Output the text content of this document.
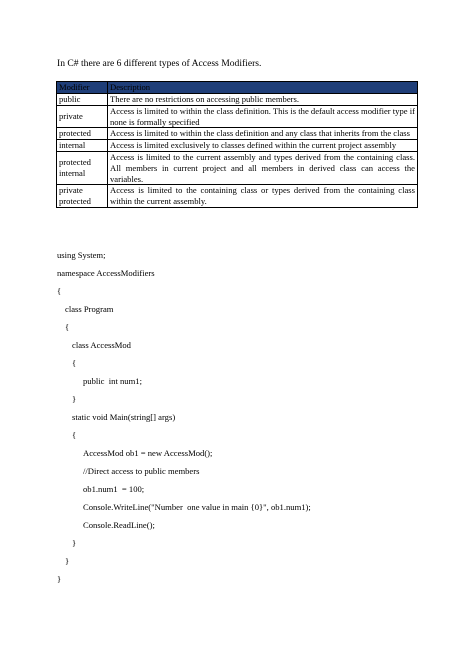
In C# there are 6 different types of Access Modifiers.
Modifier	Description
public	There are no restrictions on accessing public members.
private	Access is limited to within the class definition. This is the default access modifier type if none is formally specified
protected	Access is limited to within the class definition and any class that inherits from the class
internal	Access is limited exclusively to classes defined within the current project assembly
protected internal	Access is limited to the current assembly and types derived from the containing class. All members in current project and all members in derived class can access the variables.
private protected	Access is limited to the containing class or types derived from the containing class within the current assembly.
using System;
namespace AccessModifiers
{
class Program
{
class AccessMod
{
public  int num1;
}
static void Main(string[] args)
{
AccessMod ob1 = new AccessMod();
//Direct access to public members
ob1.num1  = 100;
Console.WriteLine("Number  one value in main {0}", ob1.num1);
Console.ReadLine();
}
}
}
